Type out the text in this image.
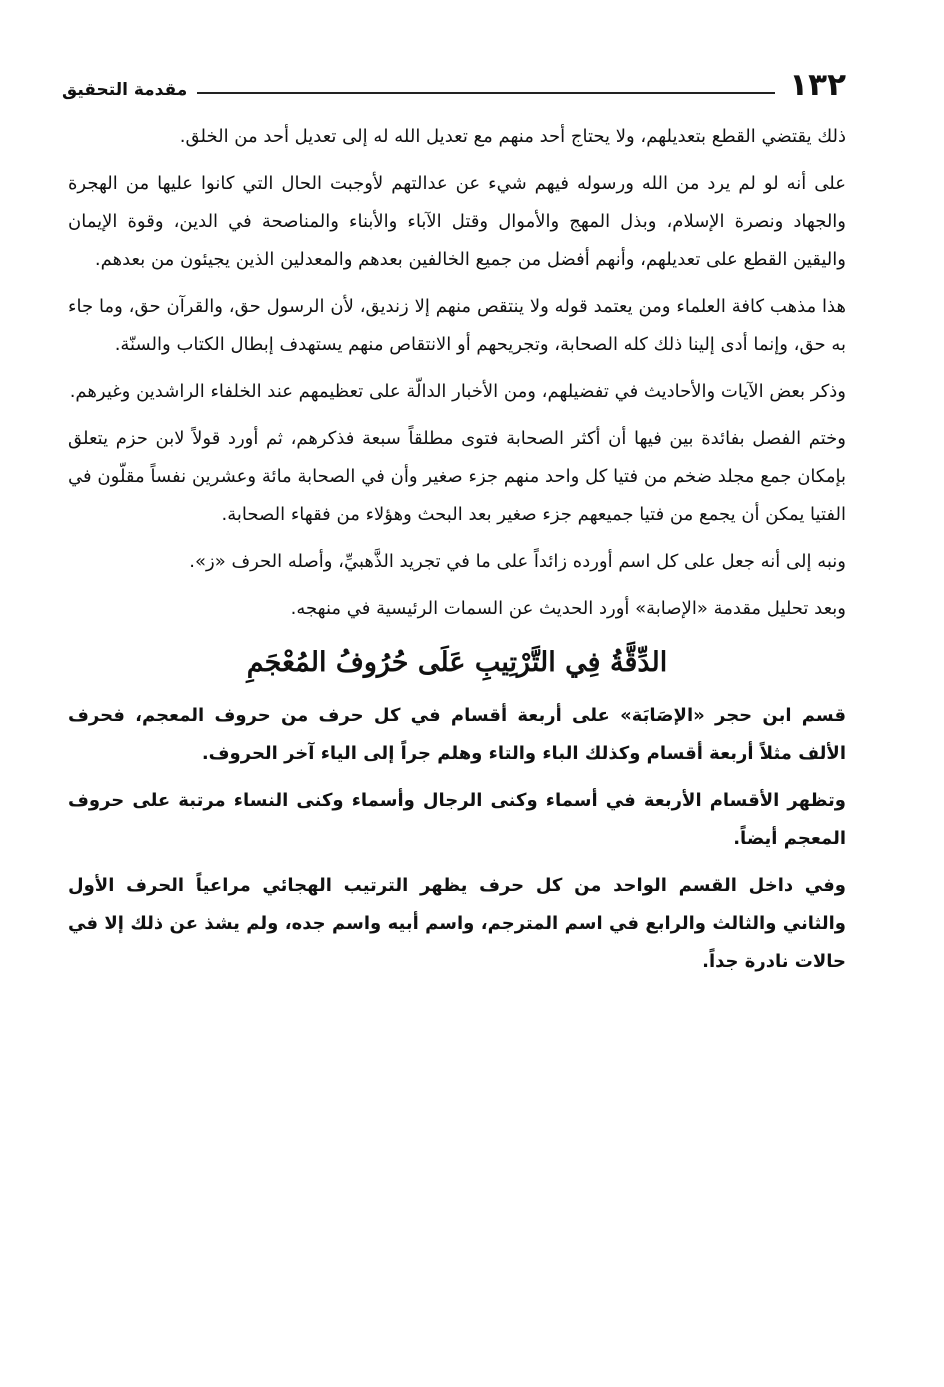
١٣٢
مقدمة التحقيق

ذلك يقتضي القطع بتعديلهم، ولا يحتاج أحد منهم مع تعديل الله له إلى تعديل أحد من الخلق.

على أنه لو لم يرد من الله ورسوله فيهم شيء عن عدالتهم لأوجبت الحال التي كانوا عليها من الهجرة والجهاد ونصرة الإسلام، وبذل المهج والأموال وقتل الآباء والأبناء والمناصحة في الدين، وقوة الإيمان واليقين القطع على تعديلهم، وأنهم أفضل من جميع الخالفين بعدهم والمعدلين الذين يجيئون من بعدهم.

هذا مذهب كافة العلماء ومن يعتمد قوله ولا ينتقص منهم إلا زنديق، لأن الرسول حق، والقرآن حق، وما جاء به حق، وإنما أدى إلينا ذلك كله الصحابة، وتجريحهم أو الانتقاص منهم يستهدف إبطال الكتاب والسنّة.

وذكر بعض الآيات والأحاديث في تفضيلهم، ومن الأخبار الدالّة على تعظيمهم عند الخلفاء الراشدين وغيرهم.

وختم الفصل بفائدة بين فيها أن أكثر الصحابة فتوى مطلقاً سبعة فذكرهم، ثم أورد قولاً لابن حزم يتعلق بإمكان جمع مجلد ضخم من فتيا كل واحد منهم جزء صغير وأن في الصحابة مائة وعشرين نفساً مقلّون في الفتيا يمكن أن يجمع من فتيا جميعهم جزء صغير بعد البحث وهؤلاء من فقهاء الصحابة.

ونبه إلى أنه جعل على كل اسم أورده زائداً على ما في تجريد الذَّهبيِّ، وأصله الحرف «ز».

وبعد تحليل مقدمة «الإصابة» أورد الحديث عن السمات الرئيسية في منهجه.

الدِّقَّةُ فِي التَّرْتِيبِ عَلَى حُرُوفُ المُعْجَمِ

قسم ابن حجر «الإصَابَة» على أربعة أقسام في كل حرف من حروف المعجم، فحرف الألف مثلاً أربعة أقسام وكذلك الباء والتاء وهلم جراً إلى الياء آخر الحروف.

وتظهر الأقسام الأربعة في أسماء وكنى الرجال وأسماء وكنى النساء مرتبة على حروف المعجم أيضاً.

وفي داخل القسم الواحد من كل حرف يظهر الترتيب الهجائي مراعياً الحرف الأول والثاني والثالث والرابع في اسم المترجم، واسم أبيه واسم جده، ولم يشذ عن ذلك إلا في حالات نادرة جداً.
